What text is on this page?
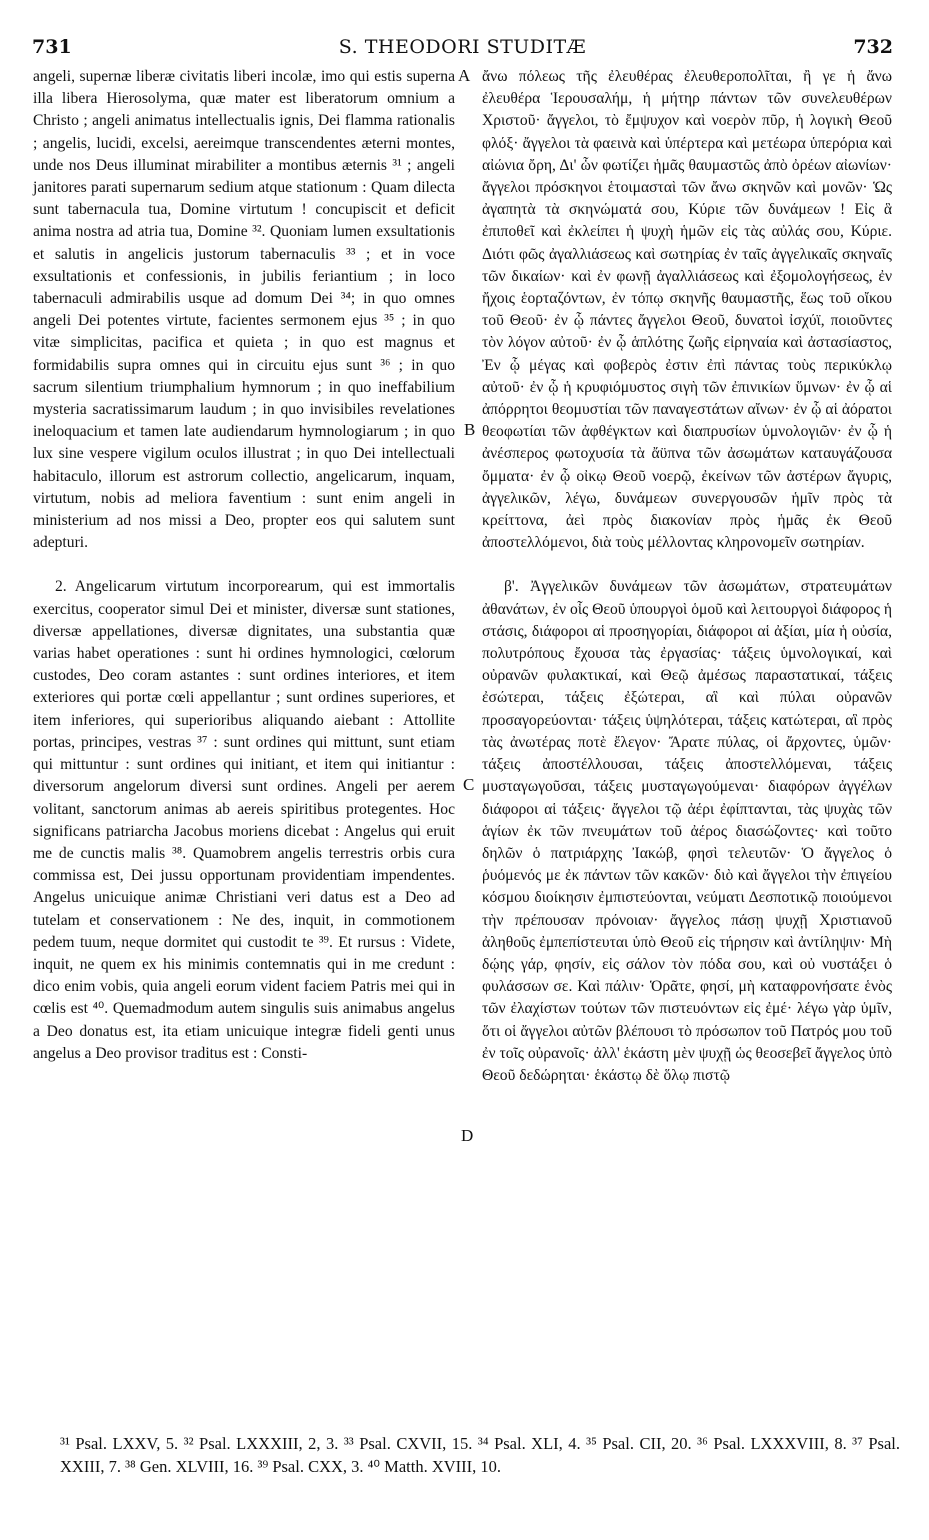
731	S. THEODORI STUDITÆ	732

angeli, supernæ liberæ civitatis liberi incolæ, imo qui estis superna illa libera Hierosolyma, quæ mater est liberatorum omnium a Christo ; angeli animatus intellectualis ignis, Dei flamma rationalis ; angelis, lucidi, excelsi, aereimque transcendentes æterni montes, unde nos Deus illuminat mirabiliter a montibus æternis ³¹ ; angeli janitores parati supernarum sedium atque stationum : Quam dilecta sunt tabernacula tua, Domine virtutum ! concupiscit et deficit anima nostra ad atria tua, Domine ³². Quoniam lumen exsultationis et salutis in angelicis justorum tabernaculis ³³ ; et in voce exsultationis et confessionis, in jubilis feriantium ; in loco tabernaculi admirabilis usque ad domum Dei ³⁴; in quo omnes angeli Dei potentes virtute, facientes sermonem ejus ³⁵ ; in quo vitæ simplicitas, pacifica et quieta ; in quo est magnus et formidabilis supra omnes qui in circuitu ejus sunt ³⁶ ; in quo sacrum silentium triumphalium hymnorum ; in quo ineffabilium mysteria sacratissimarum laudum ; in quo invisibiles revelationes ineloquacium et tamen late audiendarum hymnologiarum ; in quo lux sine vespere vigilum oculos illustrat ; in quo Dei intellectuali habitaculo, illorum est astrorum collectio, angelicarum, inquam, virtutum, nobis ad meliora faventium : sunt enim angeli in ministerium ad nos missi a Deo, propter eos qui salutem sunt adepturi.

2. Angelicarum virtutum incorporearum, qui est immortalis exercitus, cooperator simul Dei et minister, diversæ sunt stationes, diversæ appellationes, diversæ dignitates, una substantia quæ varias habet operationes : sunt hi ordines hymnologici, cœlorum custodes, Deo coram astantes : sunt ordines interiores, et item exteriores qui portæ cœli appellantur ; sunt ordines superiores, et item inferiores, qui superioribus aliquando aiebant : Attollite portas, principes, vestras ³⁷ : sunt ordines qui mittunt, sunt etiam qui mittuntur : sunt ordines qui initiant, et item qui initiantur : diversorum angelorum diversi sunt ordines. Angeli per aerem volitant, sanctorum animas ab aereis spiritibus protegentes. Hoc significans patriarcha Jacobus moriens dicebat : Angelus qui eruit me de cunctis malis ³⁸. Quamobrem angelis terrestris orbis cura commissa est, Dei jussu opportunam providentiam impendentes. Angelus unicuique animæ Christiani veri datus est a Deo ad tutelam et conservationem : Ne des, inquit, in commotionem pedem tuum, neque dormitet qui custodit te ³⁹. Et rursus : Videte, inquit, ne quem ex his minimis contemnatis qui in me credunt : dico enim vobis, quia angeli eorum vident faciem Patris mei qui in cœlis est ⁴⁰. Quemadmodum autem singulis suis animabus angelus a Deo donatus est, ita etiam unicuique integræ fideli genti unus angelus a Deo provisor traditus est : Consti-

A
B
C
D

ἄνω πόλεως τῆς ἐλευθέρας ἐλευθεροπολῖται, ἢ γε ἡ ἄνω ἐλευθέρα Ἱερουσαλήμ, ἡ μήτηρ πάντων τῶν συνελευθέρων Χριστοῦ· ἄγγελοι, τὸ ἔμψυχον καὶ νοερὸν πῦρ, ἡ λογικὴ Θεοῦ φλόξ· ἄγγελοι τὰ φαεινὰ καὶ ὑπέρτερα καὶ μετέωρα ὑπερόρια καὶ αἰώνια ὄρη, Δι' ὧν φωτίζει ἡμᾶς θαυμαστῶς ἀπὸ ὀρέων αἰωνίων· ἄγγελοι πρόσκηνοι ἑτοιμασταὶ τῶν ἄνω σκηνῶν καὶ μονῶν· Ὡς ἀγαπητὰ τὰ σκηνώματά σου, Κύριε τῶν δυνάμεων ! Εἰς ἃ ἐπιποθεῖ καὶ ἐκλείπει ἡ ψυχὴ ἡμῶν εἰς τὰς αὐλάς σου, Κύριε. Διότι φῶς ἀγαλλιάσεως καὶ σωτηρίας ἐν ταῖς ἀγγελικαῖς σκηναῖς τῶν δικαίων· καὶ ἐν φωνῇ ἀγαλλιάσεως καὶ ἐξομολογήσεως, ἐν ἤχοις ἑορταζόντων, ἐν τόπῳ σκηνῆς θαυμαστῆς, ἕως τοῦ οἴκου τοῦ Θεοῦ· ἐν ᾧ πάντες ἄγγελοι Θεοῦ, δυνατοὶ ἰσχύϊ, ποιοῦντες τὸν λόγον αὐτοῦ· ἐν ᾧ ἁπλότης ζωῆς εἰρηναία καὶ ἀστασίαστος, Ἐν ᾧ μέγας καὶ φοβερὸς ἐστιν ἐπὶ πάντας τοὺς περικύκλῳ αὐτοῦ· ἐν ᾧ ἡ κρυφιόμυστος σιγὴ τῶν ἐπινικίων ὕμνων· ἐν ᾧ αἱ ἀπόρρητοι θεομυστίαι τῶν παναγεστάτων αἴνων· ἐν ᾧ αἱ ἀόρατοι θεοφωτίαι τῶν ἀφθέγκτων καὶ διαπρυσίων ὑμνολογιῶν· ἐν ᾧ ἡ ἀνέσπερος φωτοχυσία τὰ ἄϋπνα τῶν ἀσωμάτων καταυγάζουσα ὄμματα· ἐν ᾧ οἰκῳ Θεοῦ νοερῷ, ἐκείνων τῶν ἀστέρων ἄγυρις, ἀγγελικῶν, λέγω, δυνάμεων συνεργουσῶν ἡμῖν πρὸς τὰ κρείττονα, ἀεὶ πρὸς διακονίαν πρὸς ἡμᾶς ἐκ Θεοῦ ἀποστελλόμενοι, διὰ τοὺς μέλλοντας κληρονομεῖν σωτηρίαν.

β'. Ἀγγελικῶν δυνάμεων τῶν ἀσωμάτων, στρατευμάτων ἀθανάτων, ἐν οἷς Θεοῦ ὑπουργοὶ ὁμοῦ καὶ λειτουργοὶ διάφορος ἡ στάσις, διάφοροι αἱ προσηγορίαι, διάφοροι αἱ ἀξίαι, μία ἡ οὐσία, πολυτρόπους ἔχουσα τὰς ἐργασίας· τάξεις ὑμνολογικαί, καὶ οὐρανῶν φυλακτικαί, καὶ Θεῷ ἀμέσως παραστατικαί, τάξεις ἐσώτεραι, τάξεις ἐξώτεραι, αἳ καὶ πύλαι οὐρανῶν προσαγορεύονται· τάξεις ὑψηλότεραι, τάξεις κατώτεραι, αἳ πρὸς τὰς ἀνωτέρας ποτὲ ἔλεγον· Ἄρατε πύλας, οἱ ἄρχοντες, ὑμῶν· τάξεις ἀποστέλλουσαι, τάξεις ἀποστελλόμεναι, τάξεις μυσταγωγοῦσαι, τάξεις μυσταγωγούμεναι· διαφόρων ἀγγέλων διάφοροι αἱ τάξεις· ἄγγελοι τῷ ἀέρι ἐφίπτανται, τὰς ψυχὰς τῶν ἁγίων ἐκ τῶν πνευμάτων τοῦ ἀέρος διασώζοντες· καὶ τοῦτο δηλῶν ὁ πατριάρχης Ἰακώβ, φησὶ τελευτῶν· Ὁ ἄγγελος ὁ ῥυόμενός με ἐκ πάντων τῶν κακῶν· διὸ καὶ ἄγγελοι τὴν ἐπιγείου κόσμου διοίκησιν ἐμπιστεύονται, νεύματι Δεσποτικῷ ποιούμενοι τὴν πρέπουσαν πρόνοιαν· ἄγγελος πάσῃ ψυχῇ Χριστιανοῦ ἀληθοῦς ἐμπεπίστευται ὑπὸ Θεοῦ εἰς τήρησιν καὶ ἀντίληψιν· Μὴ δῴης γάρ, φησίν, εἰς σάλον τὸν πόδα σου, καὶ οὐ νυστάξει ὁ φυλάσσων σε. Καὶ πάλιν· Ὁρᾶτε, φησί, μὴ καταφρονήσατε ἑνὸς τῶν ἐλαχίστων τούτων τῶν πιστευόντων εἰς ἐμέ· λέγω γὰρ ὑμῖν, ὅτι οἱ ἄγγελοι αὐτῶν βλέπουσι τὸ πρόσωπον τοῦ Πατρός μου τοῦ ἐν τοῖς οὐρανοῖς· ἀλλ' ἑκάστη μὲν ψυχῇ ὡς θεοσεβεῖ ἄγγελος ὑπὸ Θεοῦ δεδώρηται· ἑκάστῳ δὲ ὅλῳ πιστῷ

³¹ Psal. LXXV, 5. ³² Psal. LXXXIII, 2, 3. ³³ Psal. CXVII, 15. ³⁴ Psal. XLI, 4. ³⁵ Psal. CII, 20. ³⁶ Psal. LXXXVIII, 8. ³⁷ Psal. XXIII, 7. ³⁸ Gen. XLVIII, 16. ³⁹ Psal. CXX, 3. ⁴⁰ Matth. XVIII, 10.
